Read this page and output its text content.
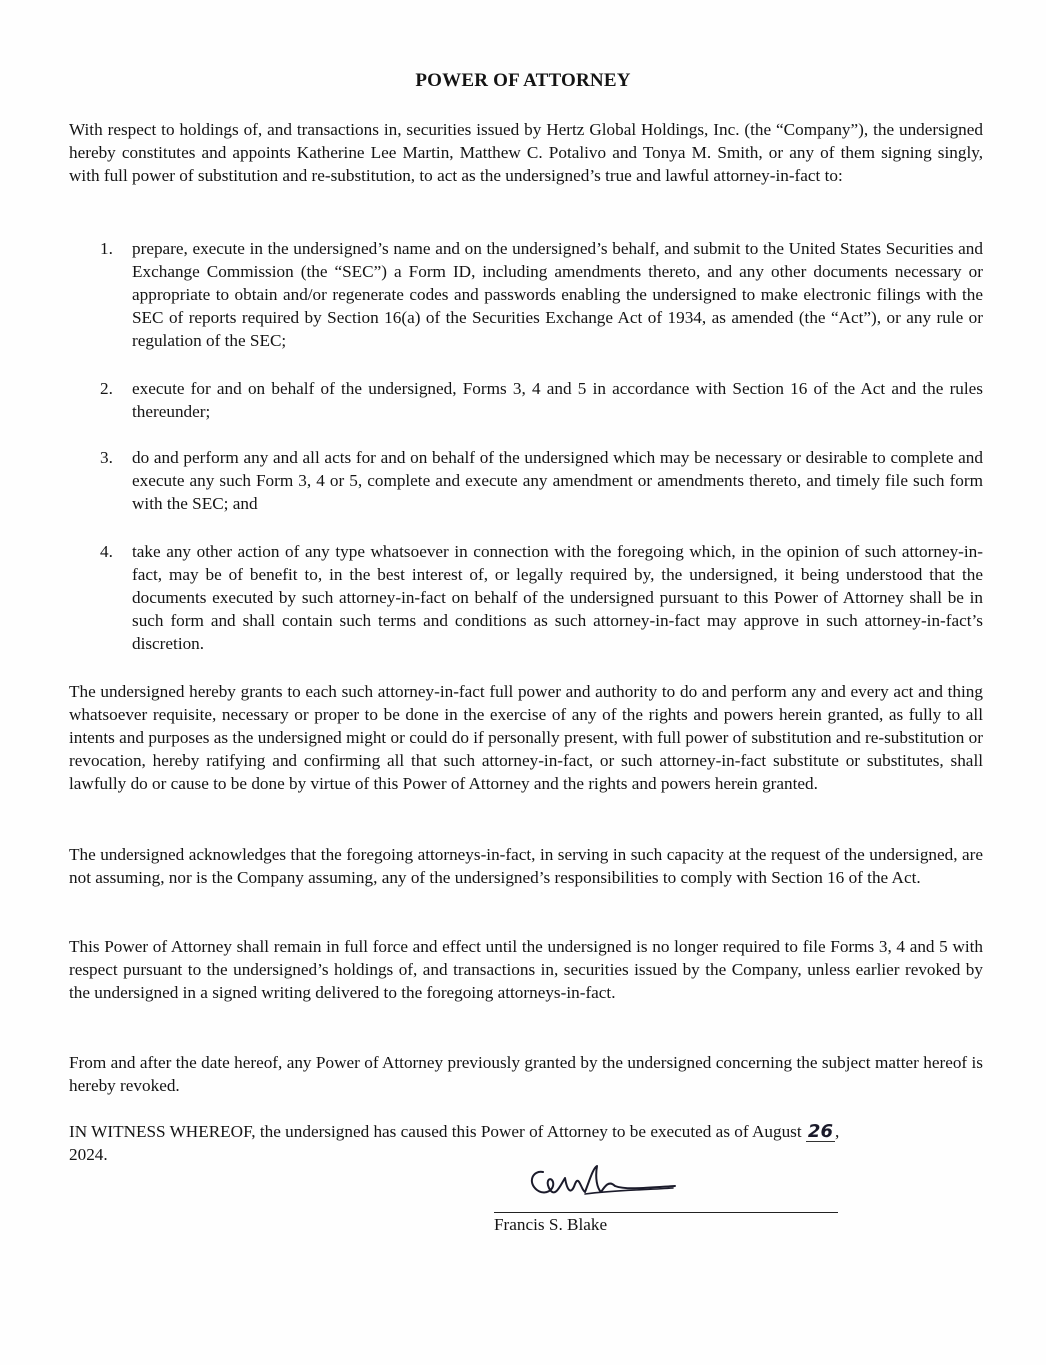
POWER OF ATTORNEY

With respect to holdings of, and transactions in, securities issued by Hertz Global Holdings, Inc. (the “Company”), the undersigned hereby constitutes and appoints Katherine Lee Martin, Matthew C. Potalivo and Tonya M. Smith, or any of them signing singly, with full power of substitution and re-substitution, to act as the undersigned’s true and lawful attorney-in-fact to:

1.	prepare, execute in the undersigned’s name and on the undersigned’s behalf, and submit to the United States Securities and Exchange Commission (the “SEC”) a Form ID, including amendments thereto, and any other documents necessary or appropriate to obtain and/or regenerate codes and passwords enabling the undersigned to make electronic filings with the SEC of reports required by Section 16(a) of the Securities Exchange Act of 1934, as amended (the “Act”), or any rule or regulation of the SEC;
2.	execute for and on behalf of the undersigned, Forms 3, 4 and 5 in accordance with Section 16 of the Act and the rules thereunder;
3.	do and perform any and all acts for and on behalf of the undersigned which may be necessary or desirable to complete and execute any such Form 3, 4 or 5, complete and execute any amendment or amendments thereto, and timely file such form with the SEC; and
4.	take any other action of any type whatsoever in connection with the foregoing which, in the opinion of such attorney-in-fact, may be of benefit to, in the best interest of, or legally required by, the undersigned, it being understood that the documents executed by such attorney-in-fact on behalf of the undersigned pursuant to this Power of Attorney shall be in such form and shall contain such terms and conditions as such attorney-in-fact may approve in such attorney-in-fact’s discretion.

The undersigned hereby grants to each such attorney-in-fact full power and authority to do and perform any and every act and thing whatsoever requisite, necessary or proper to be done in the exercise of any of the rights and powers herein granted, as fully to all intents and purposes as the undersigned might or could do if personally present, with full power of substitution and re-substitution or revocation, hereby ratifying and confirming all that such attorney-in-fact, or such attorney-in-fact substitute or substitutes, shall lawfully do or cause to be done by virtue of this Power of Attorney and the rights and powers herein granted.

The undersigned acknowledges that the foregoing attorneys-in-fact, in serving in such capacity at the request of the undersigned, are not assuming, nor is the Company assuming, any of the undersigned’s responsibilities to comply with Section 16 of the Act.

This Power of Attorney shall remain in full force and effect until the undersigned is no longer required to file Forms 3, 4 and 5 with respect pursuant to the undersigned’s holdings of, and transactions in, securities issued by the Company, unless earlier revoked by the undersigned in a signed writing delivered to the foregoing attorneys-in-fact.

From and after the date hereof, any Power of Attorney previously granted by the undersigned concerning the subject matter hereof is hereby revoked.

IN WITNESS WHEREOF, the undersigned has caused this Power of Attorney to be executed as of August 26 ,
2024.

Francis S. Blake
